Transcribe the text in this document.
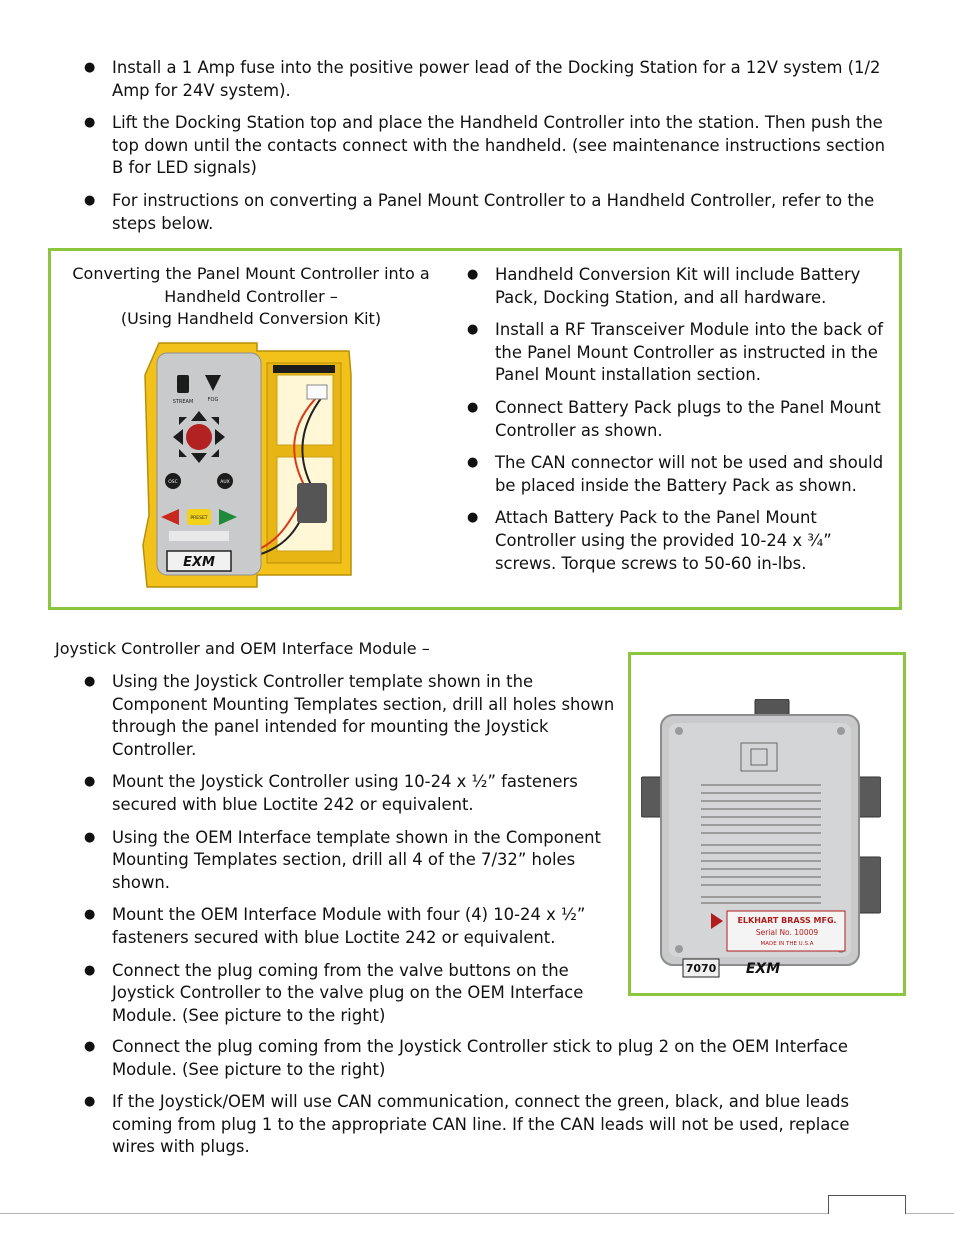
● Install a 1 Amp fuse into the positive power lead of the Docking Station for a 12V system (1/2 Amp for 24V system).
● Lift the Docking Station top and place the Handheld Controller into the station. Then push the top down until the contacts connect with the handheld. (see maintenance instructions section B for LED signals)
● For instructions on converting a Panel Mount Controller to a Handheld Controller, refer to the steps below.
Converting the Panel Mount Controller into a
Handheld Controller –
(Using Handheld Conversion Kit)
STREAM	FOG
OSC	AUX
PRESET
EXM
● Handheld Conversion Kit will include Battery Pack, Docking Station, and all hardware.
● Install a RF Transceiver Module into the back of the Panel Mount Controller as instructed in the Panel Mount installation section.
● Connect Battery Pack plugs to the Panel Mount Controller as shown.
● The CAN connector will not be used and should be placed inside the Battery Pack as shown.
● Attach Battery Pack to the Panel Mount Controller using the provided 10-24 x ¾” screws. Torque screws to 50-60 in-lbs.
Joystick Controller and OEM Interface Module –
● Using the Joystick Controller template shown in the Component Mounting Templates section, drill all holes shown through the panel intended for mounting the Joystick Controller.
● Mount the Joystick Controller using 10-24 x ½” fasteners secured with blue Loctite 242 or equivalent.
● Using the OEM Interface template shown in the Component Mounting Templates section, drill all 4 of the 7/32” holes shown.
● Mount the OEM Interface Module with four (4) 10-24 x ½” fasteners secured with blue Loctite 242 or equivalent.
● Connect the plug coming from the valve buttons on the Joystick Controller to the valve plug on the OEM Interface Module. (See picture to the right)
● Connect the plug coming from the Joystick Controller stick to plug 2 on the OEM Interface Module. (See picture to the right)
● If the Joystick/OEM will use CAN communication, connect the green, black, and blue leads coming from plug 1 to the appropriate CAN line. If the CAN leads will not be used, replace wires with plugs.
ELKHART BRASS MFG.
Serial No. 10009
MADE IN THE U.S.A
7070 EXM
